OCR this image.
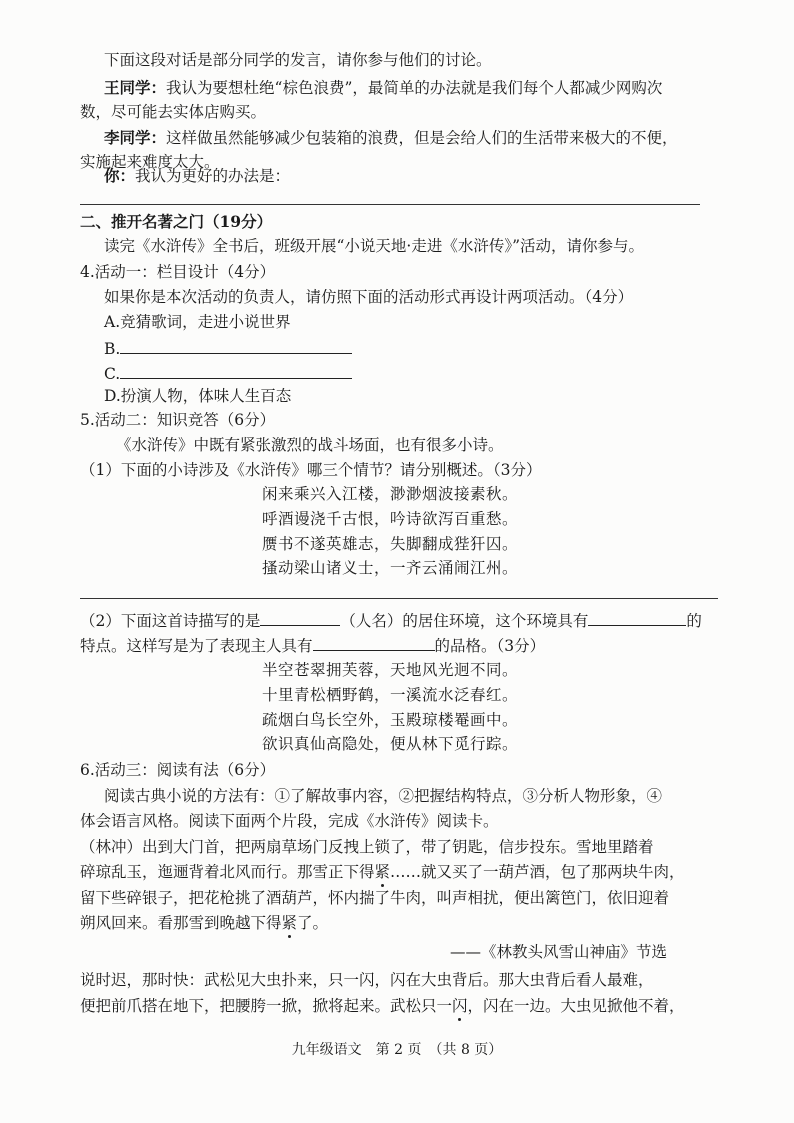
下面这段对话是部分同学的发言，请你参与他们的讨论。
王同学：我认为要想杜绝“棕色浪费”，最简单的办法就是我们每个人都减少网购次
数，尽可能去实体店购买。
李同学：这样做虽然能够减少包装箱的浪费，但是会给人们的生活带来极大的不便，
实施起来难度太大。
你：我认为更好的办法是：
二、推开名著之门（19分）
读完《水浒传》全书后，班级开展“小说天地·走进《水浒传》”活动，请你参与。
4.活动一：栏目设计（4分）
如果你是本次活动的负责人，请仿照下面的活动形式再设计两项活动。（4分）
A.竞猜歌词，走进小说世界
B.
C.
D.扮演人物，体味人生百态
5.活动二：知识竞答（6分）
《水浒传》中既有紧张激烈的战斗场面，也有很多小诗。
（1）下面的小诗涉及《水浒传》哪三个情节？请分别概述。（3分）
闲来乘兴入江楼，渺渺烟波接素秋。
呼酒谩浇千古恨，吟诗欲泻百重愁。
赝书不遂英雄志，失脚翻成狴犴囚。
搔动梁山诸义士，一齐云涌闹江州。
（2）下面这首诗描写的是	（人名）的居住环境，这个环境具有	的
特点。这样写是为了表现主人具有	的品格。（3分）
半空苍翠拥芙蓉，天地风光迥不同。
十里青松栖野鹤，一溪流水泛春红。
疏烟白鸟长空外，玉殿琼楼罨画中。
欲识真仙高隐处，便从林下觅行踪。
6.活动三：阅读有法（6分）
阅读古典小说的方法有：①了解故事内容，②把握结构特点，③分析人物形象，④
体会语言风格。阅读下面两个片段，完成《水浒传》阅读卡。
（林冲）出到大门首，把两扇草场门反拽上锁了，带了钥匙，信步投东。雪地里踏着
碎琼乱玉，迤逦背着北风而行。那雪正下得紧……就又买了一葫芦酒，包了那两块牛肉，
留下些碎银子，把花枪挑了酒葫芦，怀内揣了牛肉，叫声相扰，便出篱笆门，依旧迎着
朔风回来。看那雪到晚越下得紧了。
——《林教头风雪山神庙》节选
说时迟，那时快：武松见大虫扑来，只一闪，闪在大虫背后。那大虫背后看人最难，
便把前爪搭在地下，把腰胯一掀，掀将起来。武松只一闪，闪在一边。大虫见掀他不着，
九年级语文　第 2 页　（共 8 页）
